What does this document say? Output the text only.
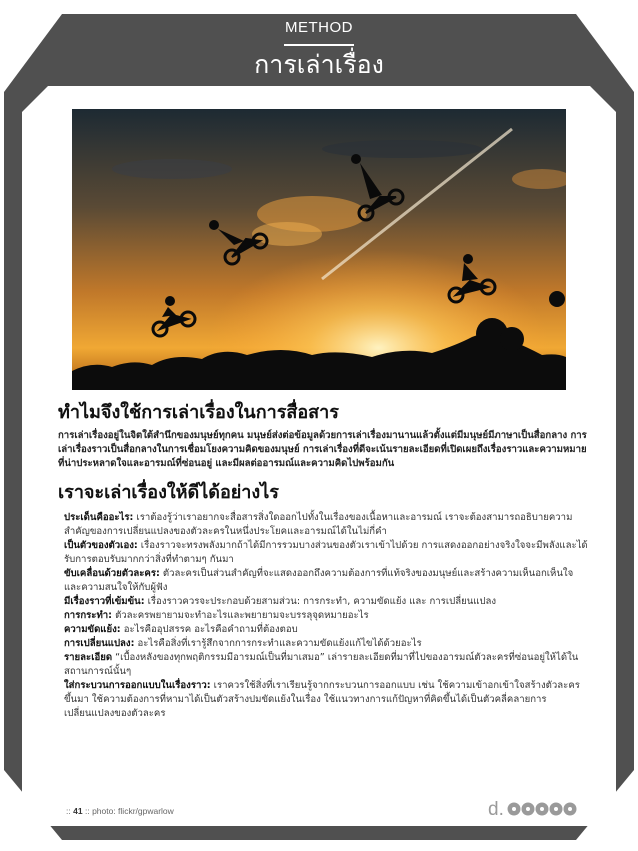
METHOD
การเล่าเรื่อง
ทำไมจึงใช้การเล่าเรื่องในการสื่อสาร

การเล่าเรื่องอยู่ในจิตใต้สำนึกของมนุษย์ทุกคน มนุษย์ส่งต่อข้อมูลด้วยการเล่าเรื่องมานานแล้วตั้งแต่มีมนุษย์มีภาษาเป็นสื่อกลาง การเล่าเรื่องราวเป็นสื่อกลางในการเชื่อมโยงความคิดของมนุษย์ การเล่าเรื่องที่ดีจะเน้นรายละเอียดที่เปิดเผยถึงเรื่องราวและความหมายที่น่าประหลาดใจและอารมณ์ที่ซ่อนอยู่ และมีผลต่ออารมณ์และความคิดไปพร้อมกัน

เราจะเล่าเรื่องให้ดีได้อย่างไร
ประเด็นคืออะไร: เราต้องรู้ว่าเราอยากจะสื่อสารสิ่งใดออกไปทั้งในเรื่องของเนื้อหาและอารมณ์ เราจะต้องสามารถอธิบายความสำคัญของการเปลี่ยนแปลงของตัวละครในหนึ่งประโยคและอารมณ์ได้ในไม่กี่คำ
เป็นตัวของตัวเอง: เรื่องราวจะทรงพลังมากถ้าได้มีการรวมบางส่วนของตัวเราเข้าไปด้วย การแสดงออกอย่างจริงใจจะมีพลังและได้รับการตอบรับมากกว่าสิ่งที่ทำตามๆ กันมา
ขับเคลื่อนด้วยตัวละคร: ตัวละครเป็นส่วนสำคัญที่จะแสดงออกถึงความต้องการที่แท้จริงของมนุษย์และสร้างความเห็นอกเห็นใจและความสนใจให้กับผู้ฟัง
มีเรื่องราวที่เข้มข้น: เรื่องราวควรจะประกอบด้วยสามส่วน: การกระทำ, ความขัดแย้ง และ การเปลี่ยนแปลง
การกระทำ: ตัวละครพยายามจะทำอะไรและพยายามจะบรรลุจุดหมายอะไร
ความขัดแย้ง: อะไรคืออุปสรรค อะไรคือคำถามที่ต้องตอบ
การเปลี่ยนแปลง: อะไรคือสิ่งที่เรารู้สึกจากการกระทำและความขัดแย้งแก้ไขได้ด้วยอะไร
รายละเอียด “เบื้องหลังของทุกพฤติกรรมมีอารมณ์เป็นที่มาเสมอ” เล่ารายละเอียดที่มาที่ไปของอารมณ์ตัวละครที่ซ่อนอยู่ให้ได้ในสถานการณ์นั้นๆ
ใส่กระบวนการออกแบบในเรื่องราว: เราควรใช้สิ่งที่เราเรียนรู้จากกระบวนการออกแบบ เช่น ใช้ความเข้าอกเข้าใจสร้างตัวละครขึ้นมา ใช้ความต้องการที่หามาได้เป็นตัวสร้างปมขัดแย้งในเรื่อง ใช้แนวทางการแก้ปัญหาที่คิดขึ้นได้เป็นตัวคลี่คลายการเปลี่ยนแปลงของตัวละคร
:: 41 :: photo: flickr/gpwarlow	d.
